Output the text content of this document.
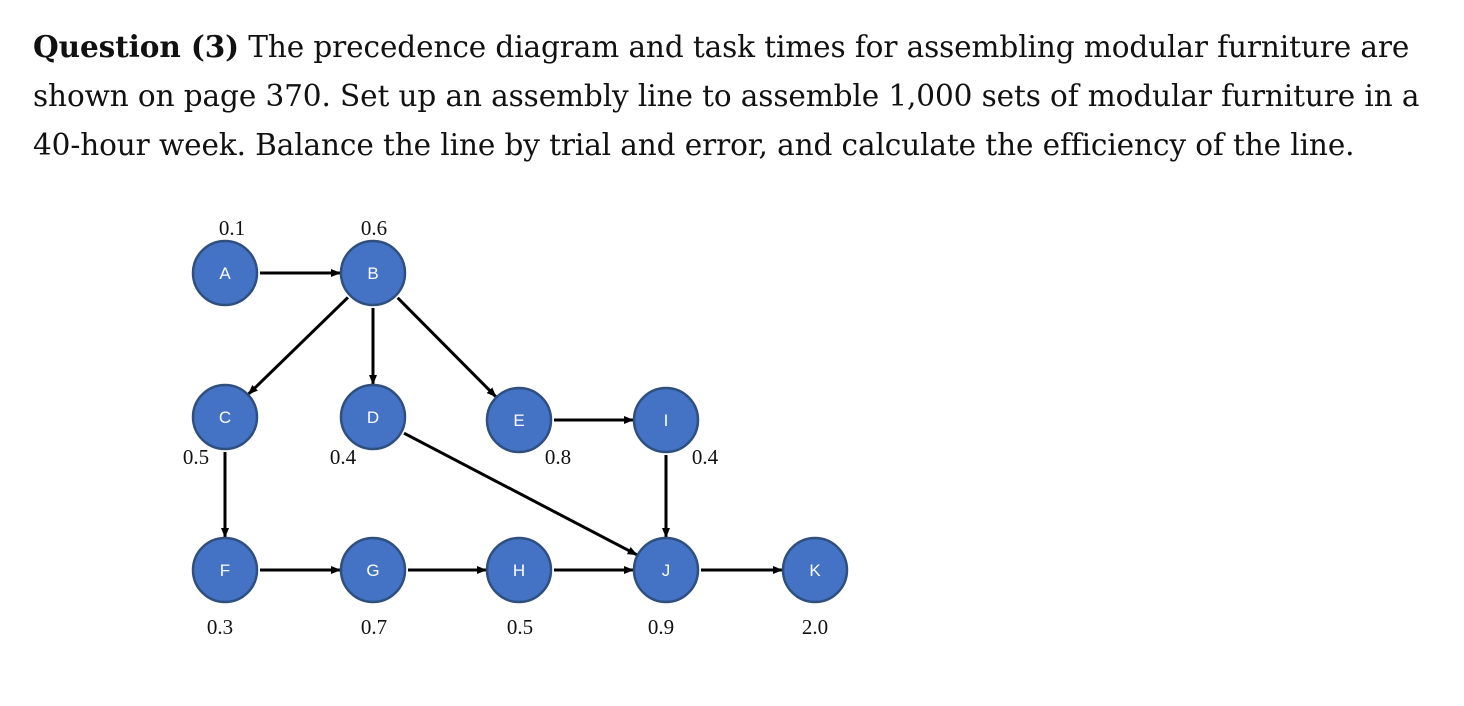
Question (3) The precedence diagram and task times for assembling modular furniture are
shown on page 370. Set up an assembly line to assemble 1,000 sets of modular furniture in a
40-hour week. Balance the line by trial and error, and calculate the efficiency of the line.
A	B
C	D	E	I
F	G	H	J	K
0.1	0.6
0.5	0.4	0.8	0.4
0.3	0.7	0.5	0.9	2.0
